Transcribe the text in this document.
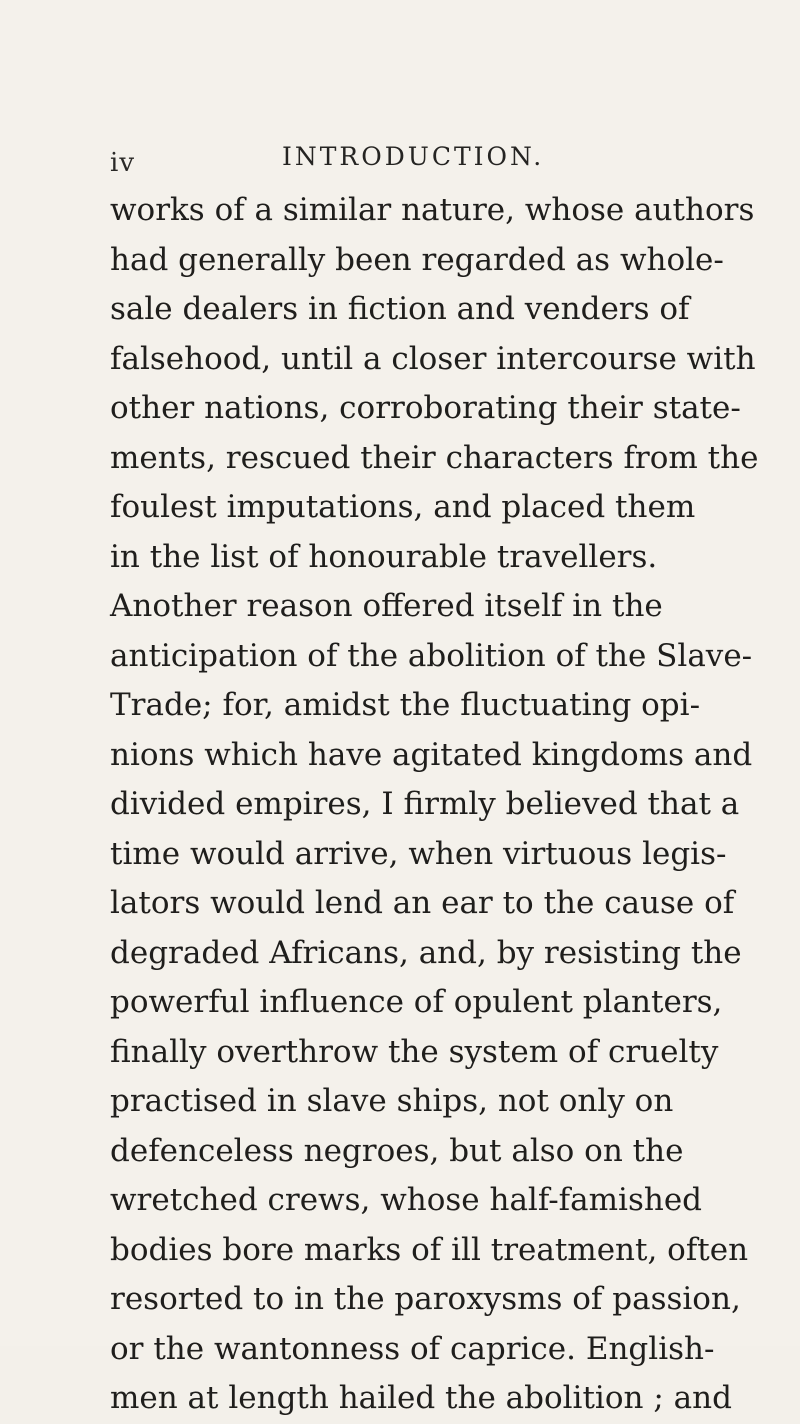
iv	INTRODUCTION.
works of a similar nature, whose authors
had generally been regarded as whole-
sale dealers in fiction and venders of
falsehood, until a closer intercourse with
other nations, corroborating their state-
ments, rescued their characters from the
foulest imputations, and placed them
in the list of honourable travellers.
Another reason offered itself in the
anticipation of the abolition of the Slave-
Trade; for, amidst the fluctuating opi-
nions which have agitated kingdoms and
divided empires, I firmly believed that a
time would arrive, when virtuous legis-
lators would lend an ear to the cause of
degraded Africans, and, by resisting the
powerful influence of opulent planters,
finally overthrow the system of cruelty
practised in slave ships, not only on
defenceless negroes, but also on the
wretched crews, whose half-famished
bodies bore marks of ill treatment, often
resorted to in the paroxysms of passion,
or the wantonness of caprice. English-
men at length hailed the abolition ; and
